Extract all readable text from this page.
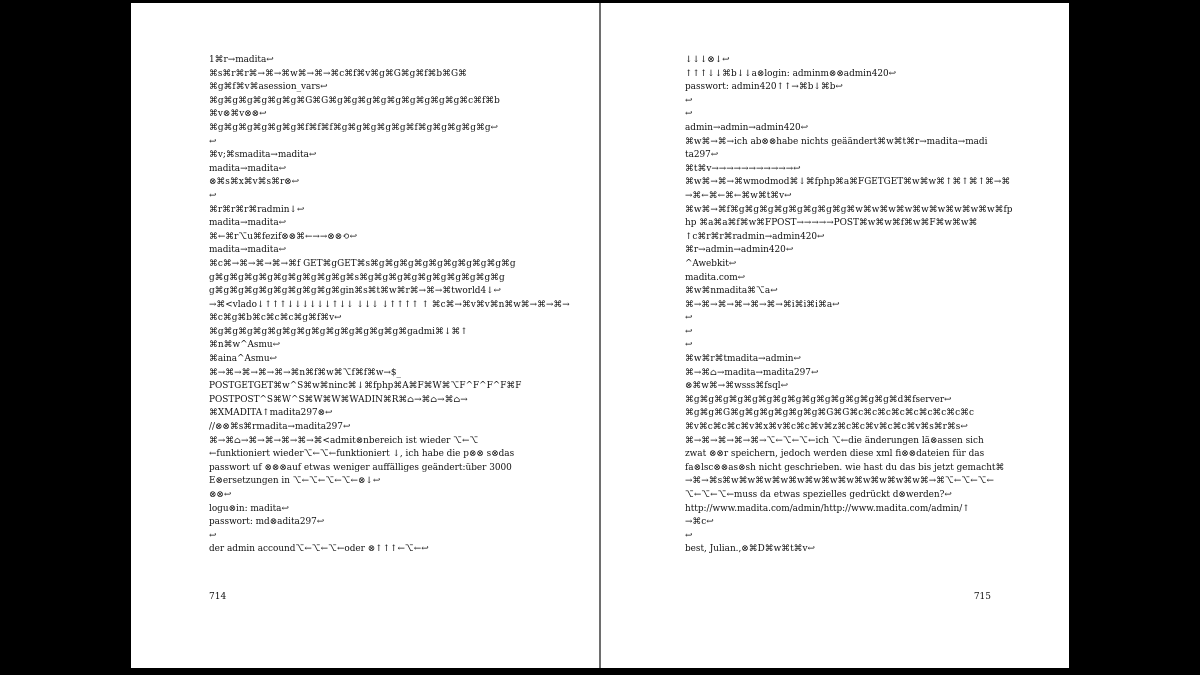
1⌘r→madita↩
⌘s⌘r⌘r⌘→⌘→⌘w⌘→⌘→⌘c⌘f⌘v⌘g⌘G⌘g⌘f⌘b⌘G⌘
⌘g⌘f⌘v⌘asession_vars↩
⌘g⌘g⌘g⌘g⌘g⌘g⌘G⌘G⌘g⌘g⌘g⌘g⌘g⌘g⌘g⌘g⌘g⌘c⌘f⌘b
⌘v⊗⌘v⊗⊗↩
⌘g⌘g⌘g⌘g⌘g⌘g⌘f⌘f⌘f⌘g⌘g⌘g⌘g⌘g⌘f⌘g⌘g⌘g⌘g⌘g↩
↩
⌘v;⌘smadita→madita↩
madita→madita↩
⊗⌘s⌘x⌘v⌘s⌘r⊗↩
↩
⌘r⌘r⌘r⌘radmin↓↩
madita→madita↩
⌘←⌘r⌥u⌘fezif⊗⊗⌘←→→⊗⊗⟲↩
madita→madita↩
⌘c⌘→⌘→⌘→⌘→⌘f GET⌘gGET⌘s⌘g⌘g⌘g⌘g⌘g⌘g⌘g⌘g⌘g⌘g
g⌘g⌘g⌘g⌘g⌘g⌘g⌘g⌘g⌘g⌘s⌘g⌘g⌘g⌘g⌘g⌘g⌘g⌘g⌘g⌘g
g⌘g⌘g⌘g⌘g⌘g⌘g⌘g⌘g⌘gin⌘s⌘t⌘w⌘r⌘→⌘→⌘tworld4↓↩
→⌘<vlado↓↑↑↑↓↓↓↓↓↓↑↓↓ ↓↓↓ ↓↑↑↑↑ ↑ ⌘c⌘→⌘v⌘v⌘n⌘w⌘→⌘→⌘→
⌘c⌘g⌘b⌘c⌘c⌘c⌘g⌘f⌘v↩
⌘g⌘g⌘g⌘g⌘g⌘g⌘g⌘g⌘g⌘g⌘g⌘g⌘g⌘gadmi⌘↓⌘↑
⌘n⌘w^Asmu↩
⌘aina^Asmu↩
⌘→⌘→⌘→⌘→⌘→⌘n⌘f⌘w⌘⌥f⌘f⌘w→$_
POSTGETGET⌘w^S⌘w⌘ninc⌘↓⌘fphp⌘A⌘F⌘W⌘⌥F^F^F^F⌘F
POSTPOST^S⌘W^S⌘W⌘W⌘WADIN⌘R⌘⌂→⌘⌂→⌘⌂→
⌘XMADITA↑madita297⊗↩
//⊗⊗⌘s⌘rmadita→madita297↩
⌘→⌘⌂→⌘→⌘→⌘→⌘→⌘<admit⊗nbereich ist wieder ⌥←⌥
←funktioniert wieder⌥←⌥←funktioniert ↓, ich habe die p⊗⊗ s⊗das
passwort uf ⊗⊗⊗auf etwas weniger auffälliges geändert:über 3000
E⊗ersetzungen in ⌥←⌥←⌥←⌥←⊗↓↩
⊗⊗↩
logu⊗in: madita↩
passwort: md⊗adita297↩
↩
der admin accound⌥←⌥←⌥←oder ⊗↑↑↑←⌥←↩
714
↓↓↓⊗↓↩
↑↑↑↓↓⌘b↓↓a⊗login: adminm⊗⊗admin420↩
passwort: admin420↑↑→⌘b↓⌘b↩
↩
↩
admin→admin→admin420↩
⌘w⌘→⌘→ich ab⊗⊗habe nichts geäändert⌘w⌘t⌘r→madita→madi
ta297↩
⌘t⌘v→→→→→→→→→→→↩
⌘w⌘→⌘→⌘wmodmod⌘↓⌘fphp⌘a⌘FGETGET⌘w⌘w⌘↑⌘↑⌘↑⌘→⌘
→⌘←⌘←⌘←⌘w⌘t⌘v↩
⌘w⌘→⌘f⌘g⌘g⌘g⌘g⌘g⌘g⌘g⌘g⌘w⌘w⌘w⌘w⌘w⌘w⌘w⌘w⌘w⌘fp
hp ⌘a⌘a⌘f⌘w⌘FPOST→→→→→POST⌘w⌘w⌘f⌘w⌘F⌘w⌘w⌘
↑c⌘r⌘r⌘radmin→admin420↩
⌘r→admin→admin420↩
^Awebkit↩
madita.com↩
⌘w⌘nmadita⌘⌥a↩
⌘→⌘→⌘→⌘→⌘→⌘→⌘i⌘i⌘i⌘a↩
↩
↩
↩
⌘w⌘r⌘tmadita→admin↩
⌘→⌘⌂→madita→madita297↩
⊗⌘w⌘→⌘wsss⌘fsql↩
⌘g⌘g⌘g⌘g⌘g⌘g⌘g⌘g⌘g⌘g⌘g⌘g⌘g⌘g⌘d⌘fserver↩
⌘g⌘g⌘G⌘g⌘g⌘g⌘g⌘g⌘g⌘G⌘G⌘c⌘c⌘c⌘c⌘c⌘c⌘c⌘c⌘c
⌘v⌘c⌘c⌘c⌘v⌘x⌘v⌘c⌘c⌘v⌘z⌘c⌘c⌘v⌘c⌘c⌘v⌘s⌘r⌘s↩
⌘→⌘→⌘→⌘→⌘→⌥←⌥←⌥←ich ⌥←die änderungen lä⊗assen sich
zwat ⊗⊗r speichern, jedoch werden diese xml fi⊗⊗dateien für das
fa⊗lsc⊗⊗as⊗sh nicht geschrieben. wie hast du das bis jetzt gemacht⌘
→⌘→⌘s⌘w⌘w⌘w⌘w⌘w⌘w⌘w⌘w⌘w⌘w⌘w⌘w⌘→⌘⌥←⌥←⌥←
⌥←⌥←⌥←muss da etwas spezielles gedrückt d⊗werden?↩
http://www.madita.com/admin/http://www.madita.com/admin/↑
→⌘c↩
↩
best, Julian.,⊗⌘D⌘w⌘t⌘v↩
715
